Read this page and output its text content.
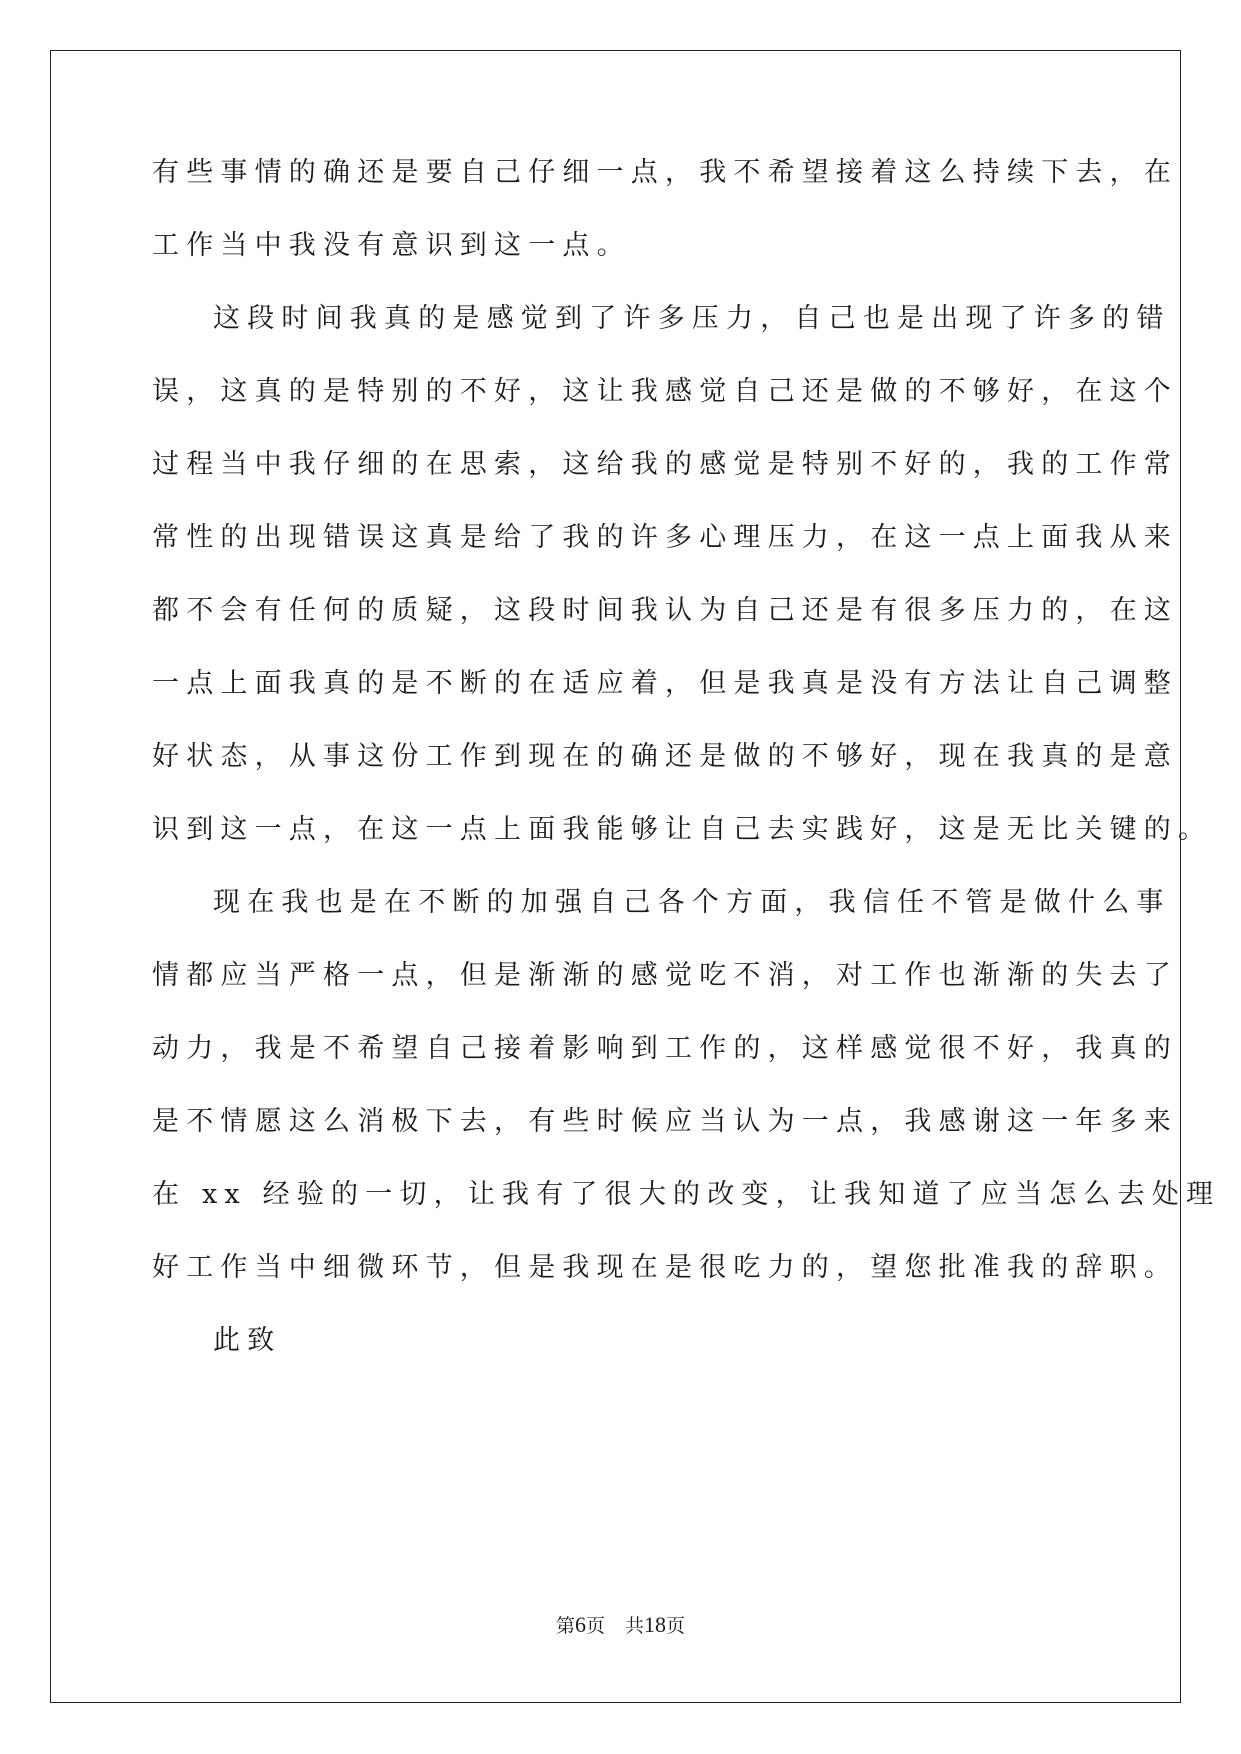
有些事情的确还是要自己仔细一点，我不希望接着这么持续下去，在

工作当中我没有意识到这一点。

这段时间我真的是感觉到了许多压力，自己也是出现了许多的错

误，这真的是特别的不好，这让我感觉自己还是做的不够好，在这个

过程当中我仔细的在思索，这给我的感觉是特别不好的，我的工作常

常性的出现错误这真是给了我的许多心理压力，在这一点上面我从来

都不会有任何的质疑，这段时间我认为自己还是有很多压力的，在这

一点上面我真的是不断的在适应着，但是我真是没有方法让自己调整

好状态，从事这份工作到现在的确还是做的不够好，现在我真的是意

识到这一点，在这一点上面我能够让自己去实践好，这是无比关键的。

现在我也是在不断的加强自己各个方面，我信任不管是做什么事

情都应当严格一点，但是渐渐的感觉吃不消，对工作也渐渐的失去了

动力，我是不希望自己接着影响到工作的，这样感觉很不好，我真的

是不情愿这么消极下去，有些时候应当认为一点，我感谢这一年多来

在 xx 经验的一切，让我有了很大的改变，让我知道了应当怎么去处理

好工作当中细微环节，但是我现在是很吃力的，望您批准我的辞职。

此致

第6页 共18页
